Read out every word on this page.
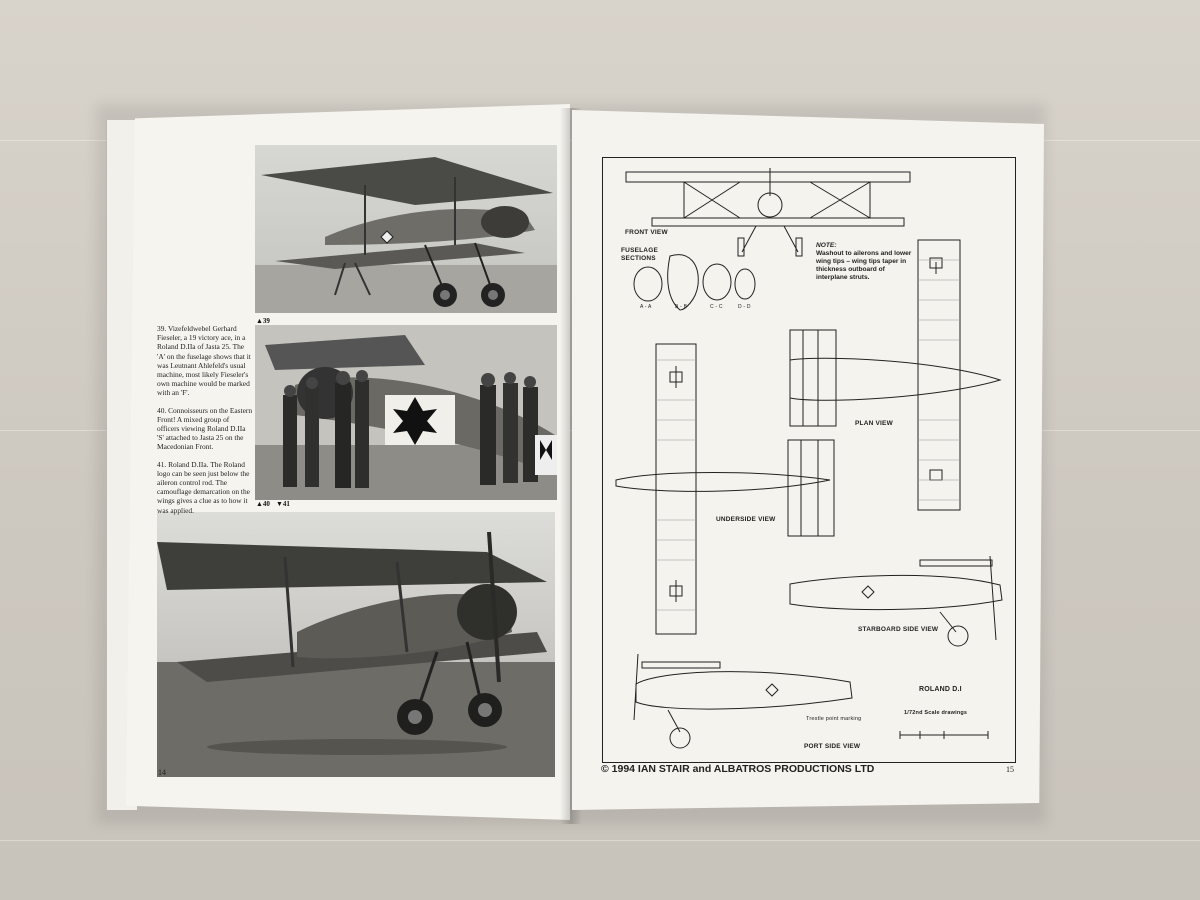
▲39
▲40 ▼41

39. Vizefeldwebel Gerhard Fieseler, a 19 victory ace, in a Roland D.IIa of Jasta 25. The 'A' on the fuselage shows that it was Leutnant Ahlefeld's usual machine, most likely Fieseler's own machine would be marked with an 'F'.

40. Connoisseurs on the Eastern Front! A mixed group of officers viewing Roland D.IIa 'S' attached to Jasta 25 on the Macedonian Front.

41. Roland D.IIa. The Roland logo can be seen just below the aileron control rod. The camouflage demarcation on the wings gives a clue as to how it was applied.

14
FRONT VIEW
FUSELAGE SECTIONS
A - A	B - B	C - C	D - D
NOTE:
Washout to ailerons and lower wing tips – wing tips taper in thickness outboard of interplane struts.
PLAN VIEW
UNDERSIDE VIEW
STARBOARD SIDE VIEW
PORT SIDE VIEW
ROLAND D.I
Trestle point marking
1/72nd Scale drawings
© 1994 IAN STAIR and ALBATROS PRODUCTIONS LTD	15
